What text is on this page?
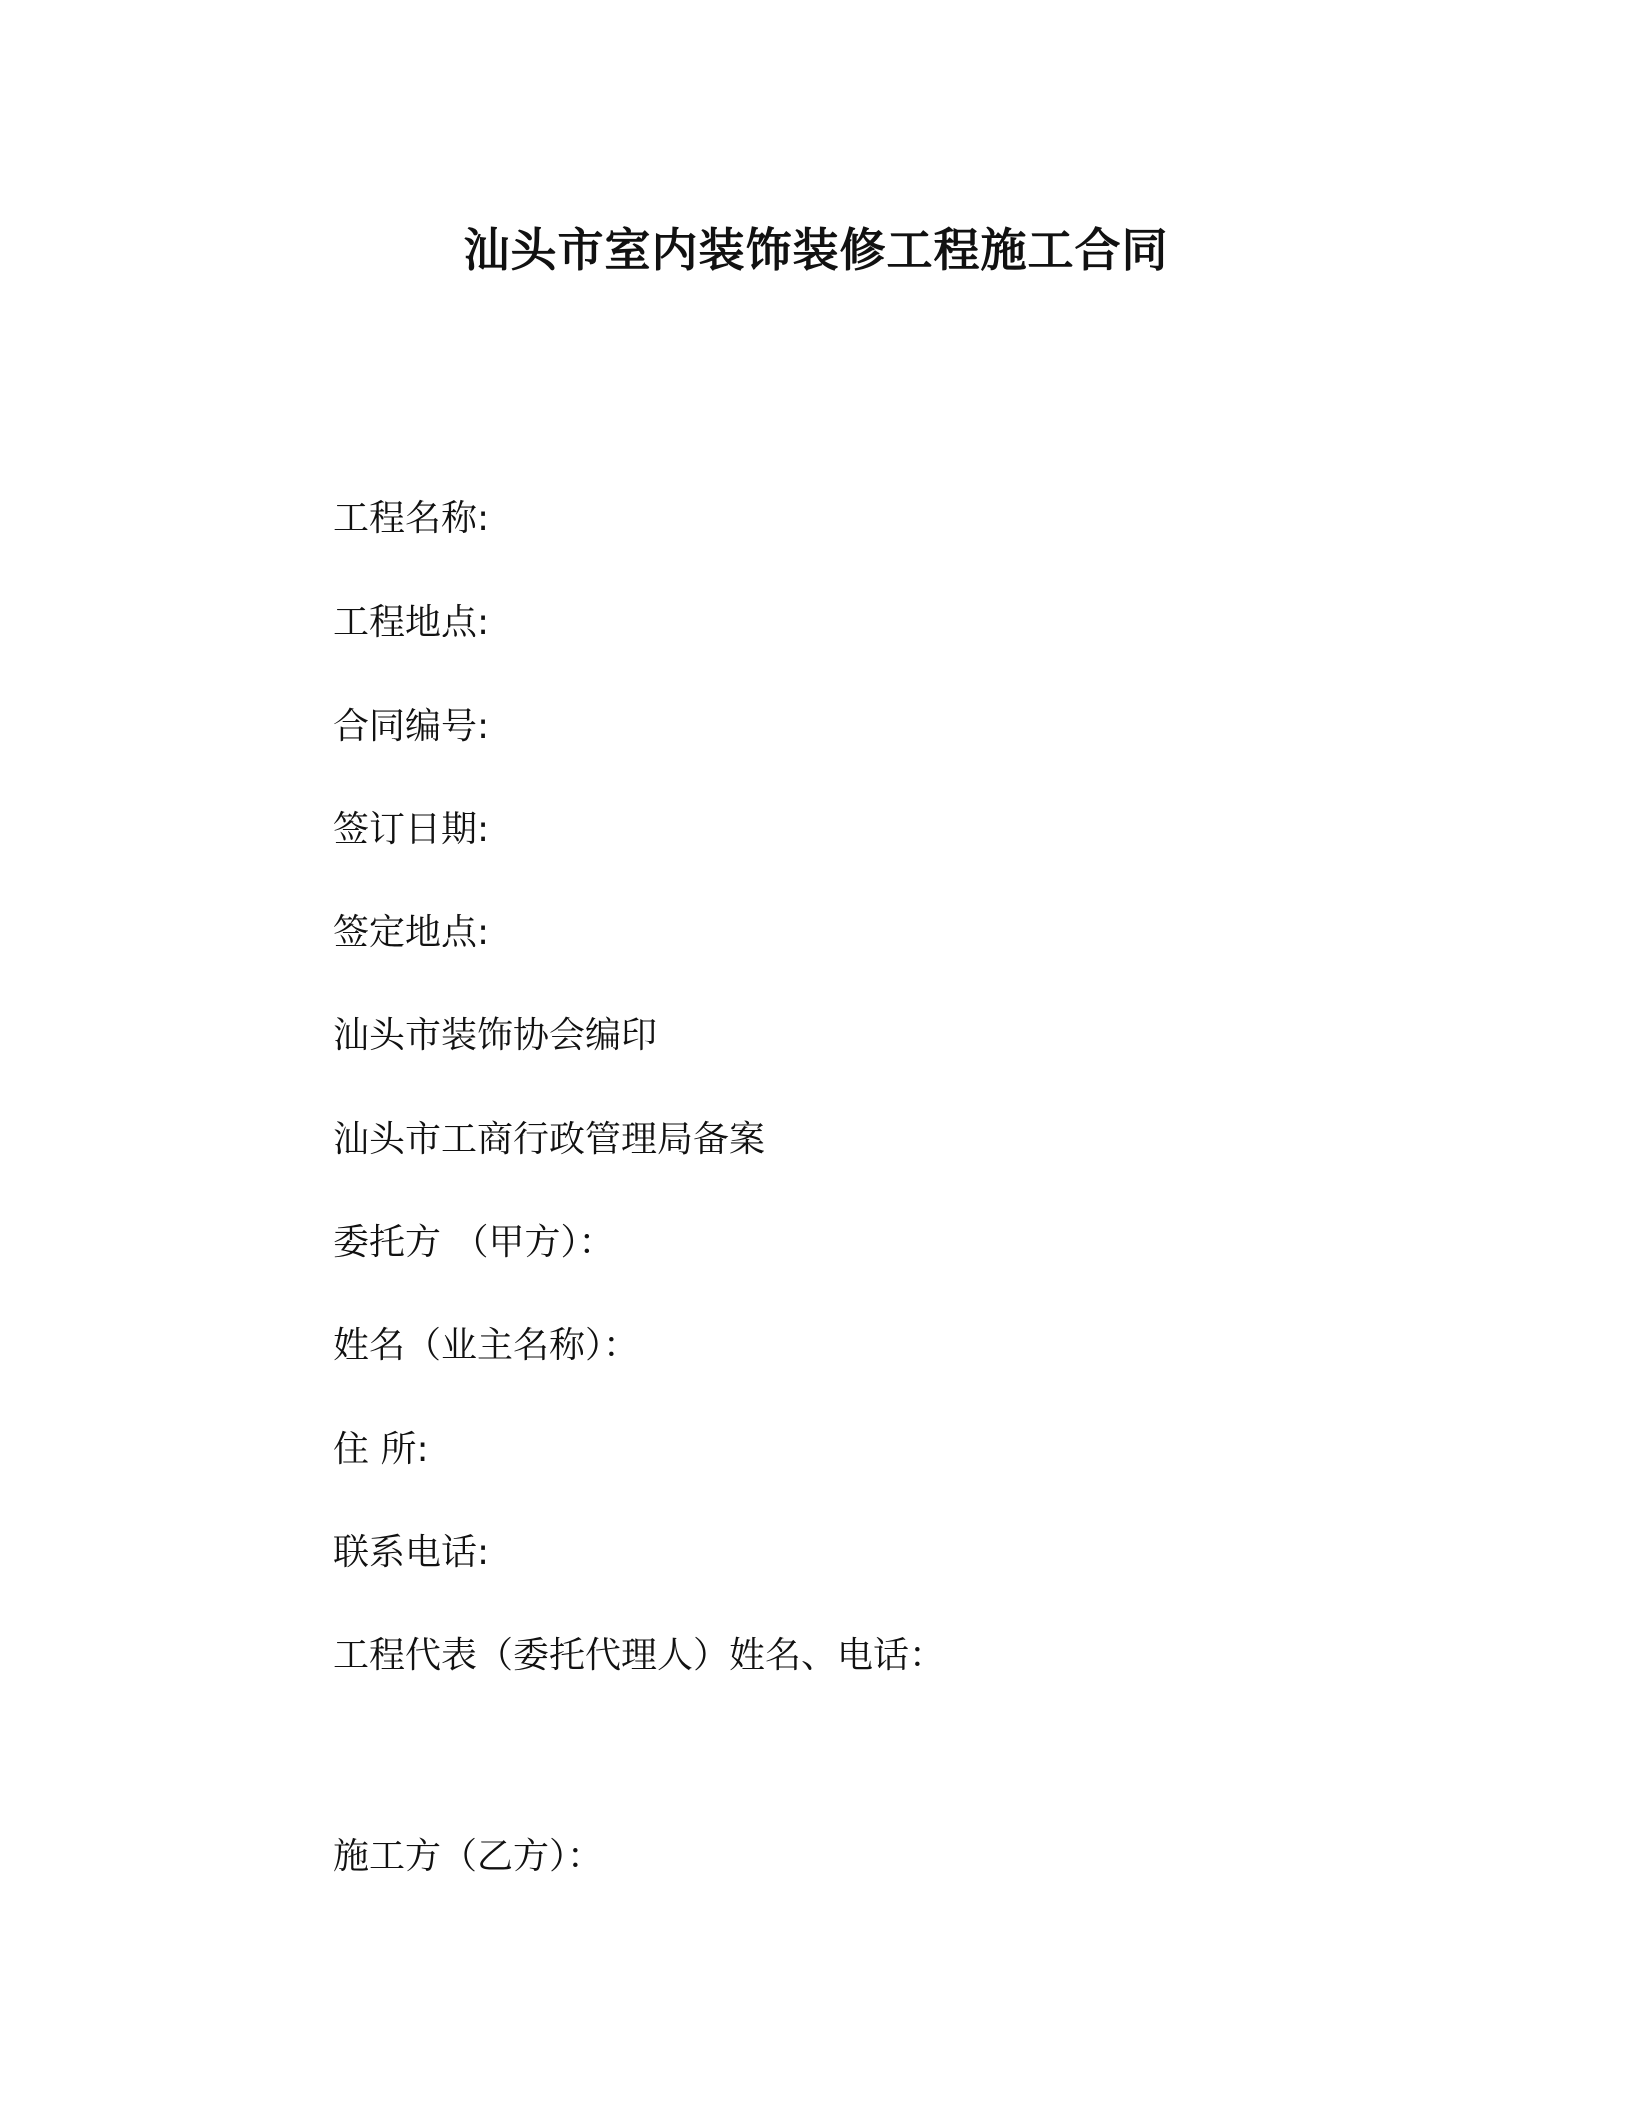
汕头市室内装饰装修工程施工合同
工程名称:
工程地点:
合同编号:
签订日期:
签定地点:
汕头市装饰协会编印
汕头市工商行政管理局备案
委托方 （甲方）：
姓名（业主名称）：
住 所:
联系电话:
工程代表（委托代理人）姓名、电话：
施工方（乙方）：
